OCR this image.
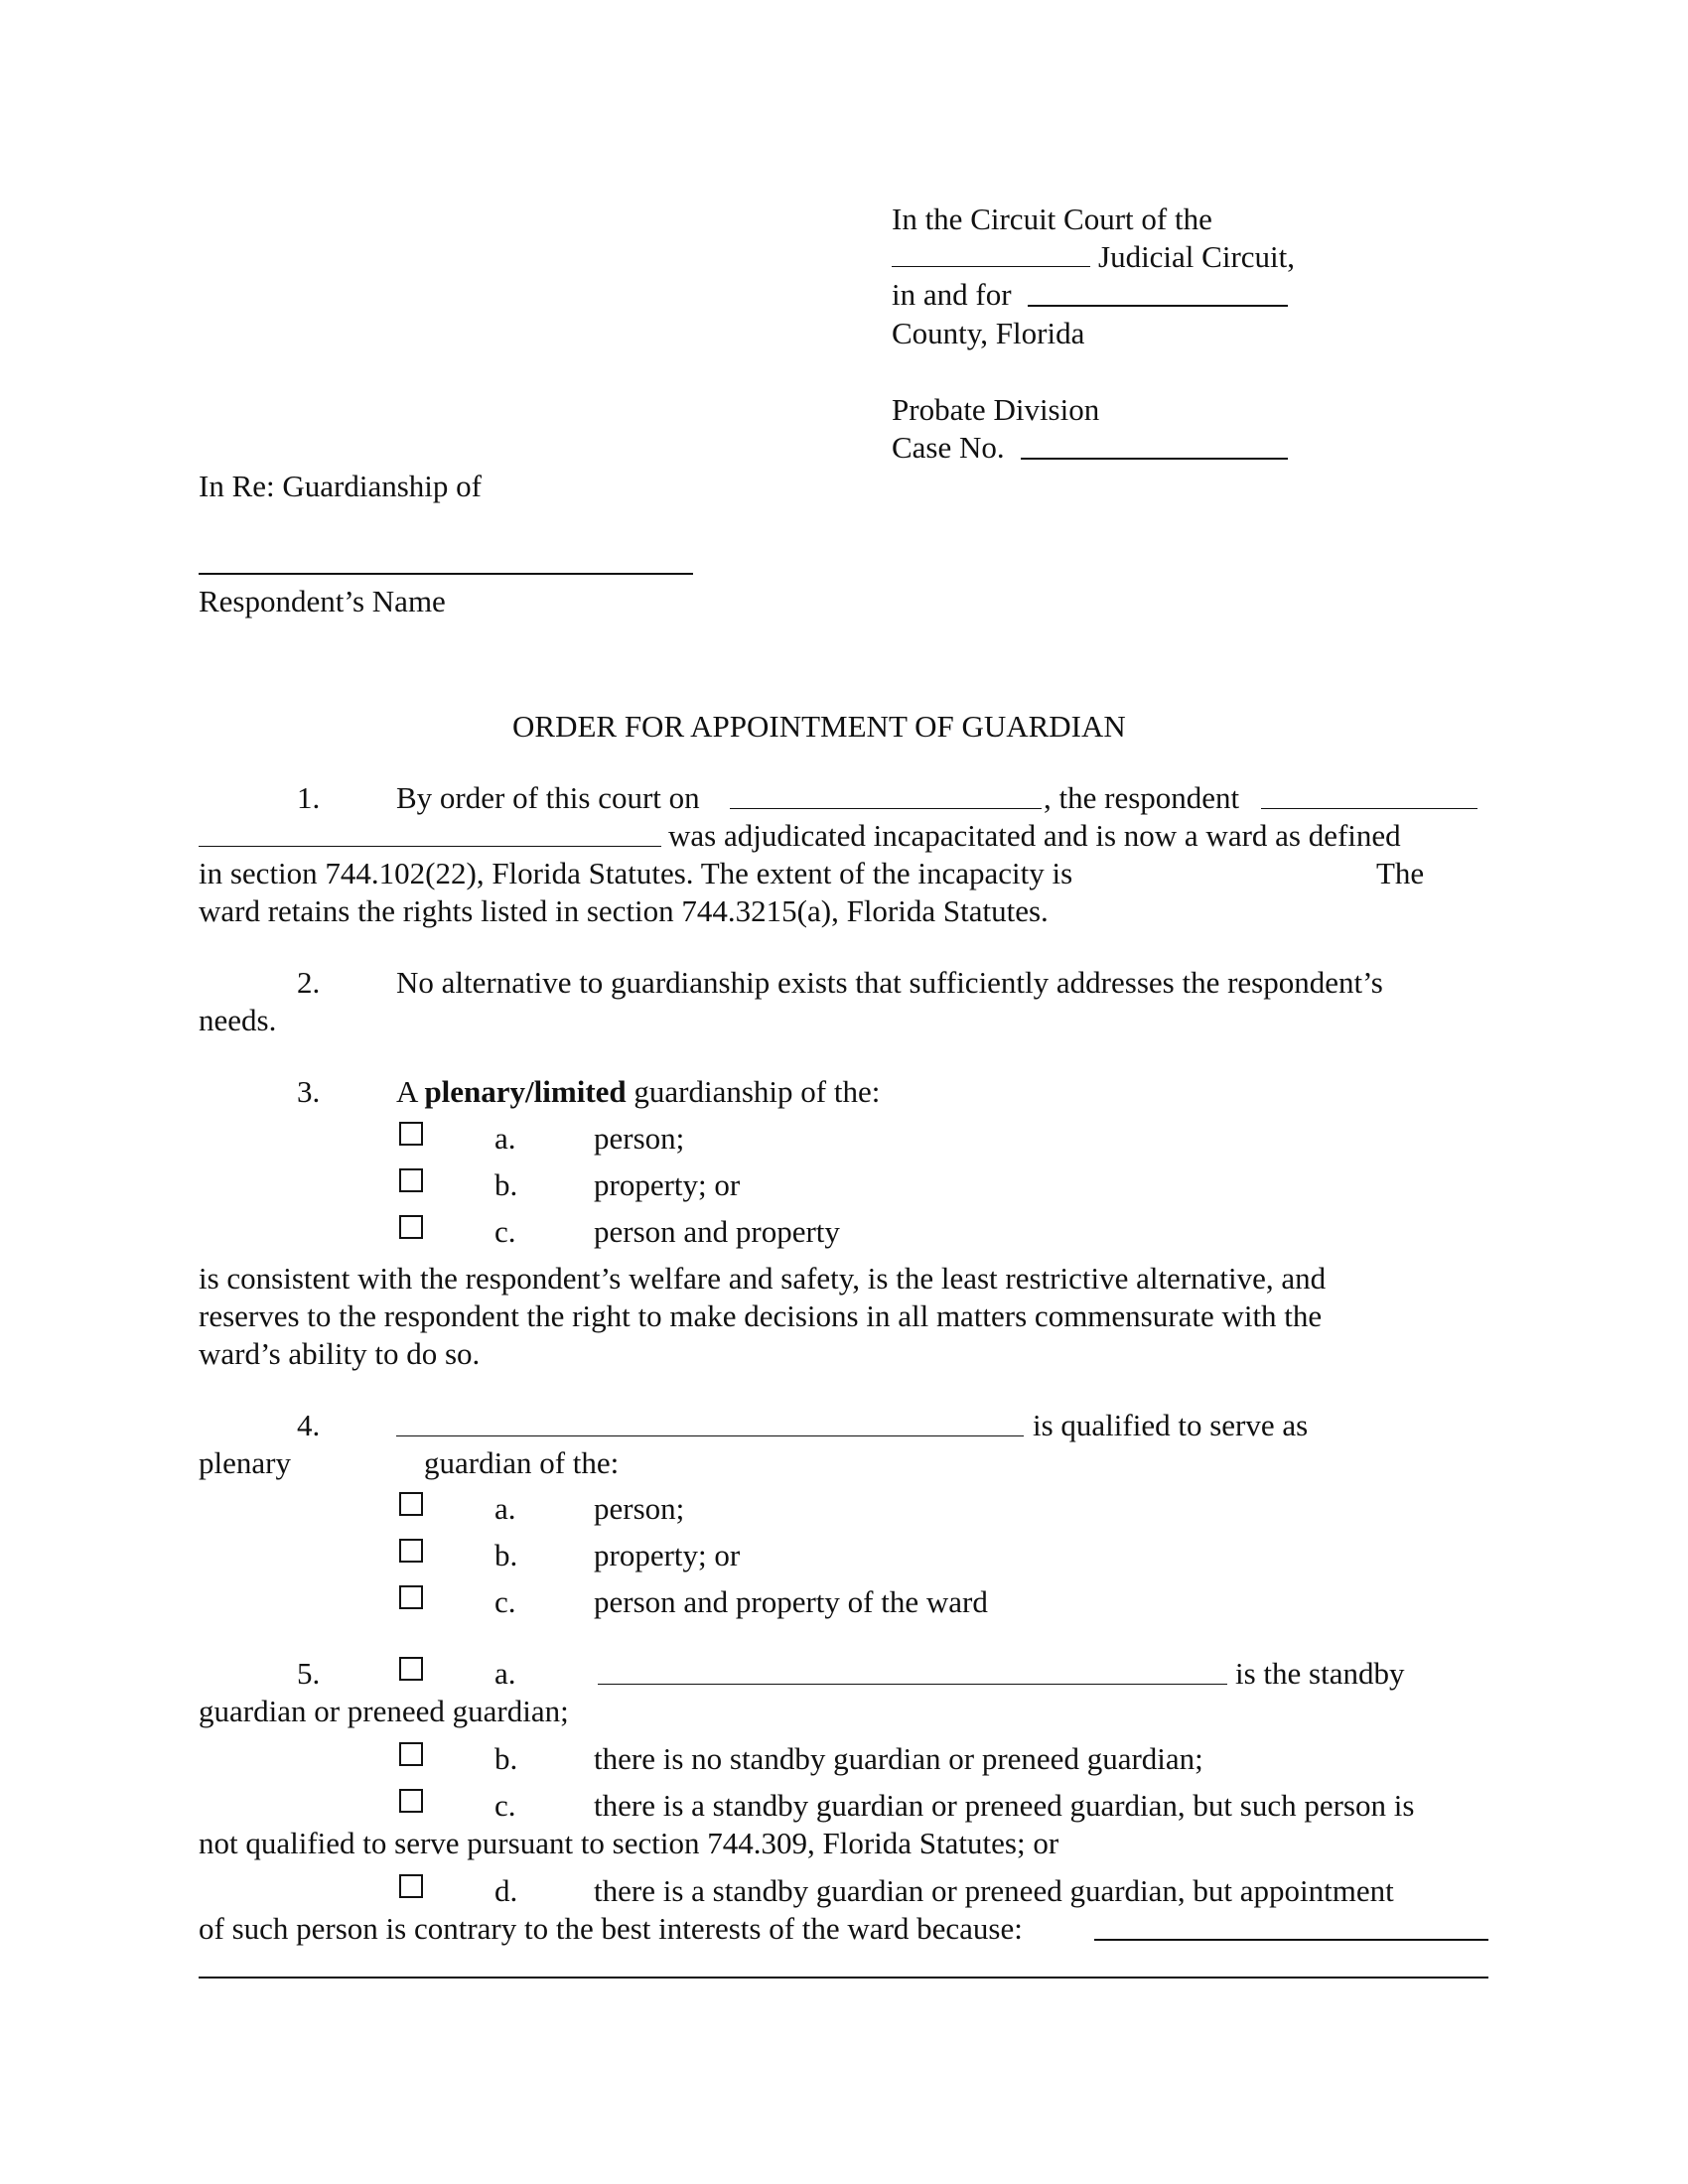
In the Circuit Court of the
Judicial Circuit,
in and for
County, Florida
Probate Division
Case No.
In Re: Guardianship of
Respondent’s Name
ORDER FOR APPOINTMENT OF GUARDIAN
1. By order of this court on	, the respondent
was adjudicated incapacitated and is now a ward as defined
in section 744.102(22), Florida Statutes. The extent of the incapacity is	The
ward retains the rights listed in section 744.3215(a), Florida Statutes.
2. No alternative to guardianship exists that sufficiently addresses the respondent’s
needs.
3. A plenary/limited guardianship of the:
a.	person;
b. property; or
c.	person and property
is consistent with the respondent’s welfare and safety, is the least restrictive alternative, and
reserves to the respondent the right to make decisions in all matters commensurate with the
ward’s ability to do so.
4.	is qualified to serve as
plenary	guardian of the:
a.	person;
b. property; or
c.	person and property of the ward
5.	a.	is the standby
guardian or preneed guardian;
b. there is no standby guardian or preneed guardian;
c.	there is a standby guardian or preneed guardian, but such person is
not qualified to serve pursuant to section 744.309, Florida Statutes; or
d. there is a standby guardian or preneed guardian, but appointment
of such person is contrary to the best interests of the ward because:
